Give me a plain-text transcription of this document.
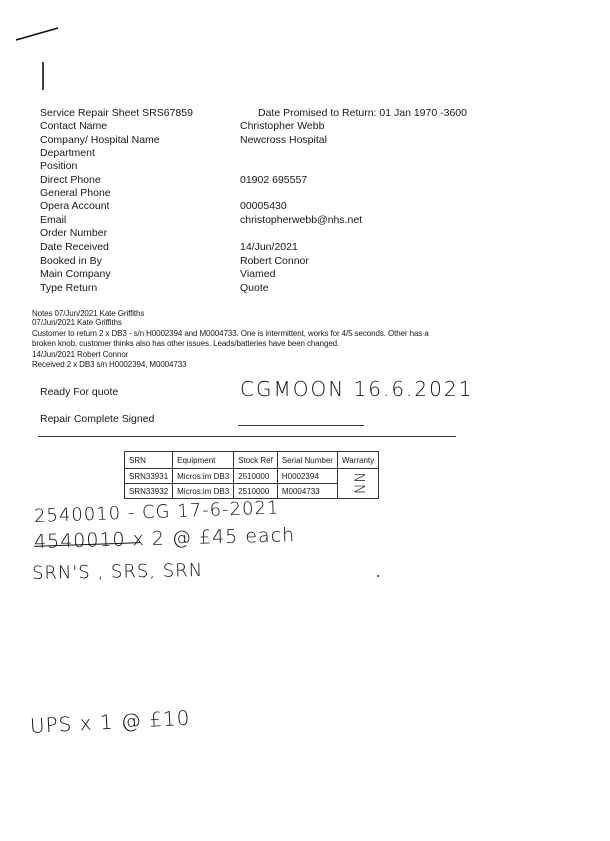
Service Repair Sheet SRS67859	Date Promised to Return: 01 Jan 1970 -3600
Contact Name	Christopher Webb
Company/ Hospital Name	Newcross Hospital
Department
Position
Direct Phone	01902 695557
General Phone
Opera Account	00005430
Email	christopherwebb@nhs.net
Order Number
Date Received	14/Jun/2021
Booked in By	Robert Connor
Main Company	Viamed
Type Return	Quote
Notes 07/Jun/2021 Kate Griffiths
07/Jun/2021 Kate Griffiths
Customer to return 2 x DB3 - s/n H0002394 and M0004733. One is intermittent, works for 4/5 seconds. Other has a
broken knob, customer thinks also has other issues. Leads/batteries have been changed.
14/Jun/2021 Robert Connor
Received 2 x DB3 s/n H0002394, M0004733
Ready For quote	CGMOON 16.6.2021
Repair Complete Signed
SRN	Equipment	Stock Ref	Serial Number	Warranty
SRN33931	Micros:im DB3	2510000	H0002394	NN
SRN33932	Micros:im DB3	2510000	M0004733	
2540010 - CG 17-6-2021
4540010 x 2 @ £45 each
SRN'S , SRS, SRN
UPS x 1 @ £10
